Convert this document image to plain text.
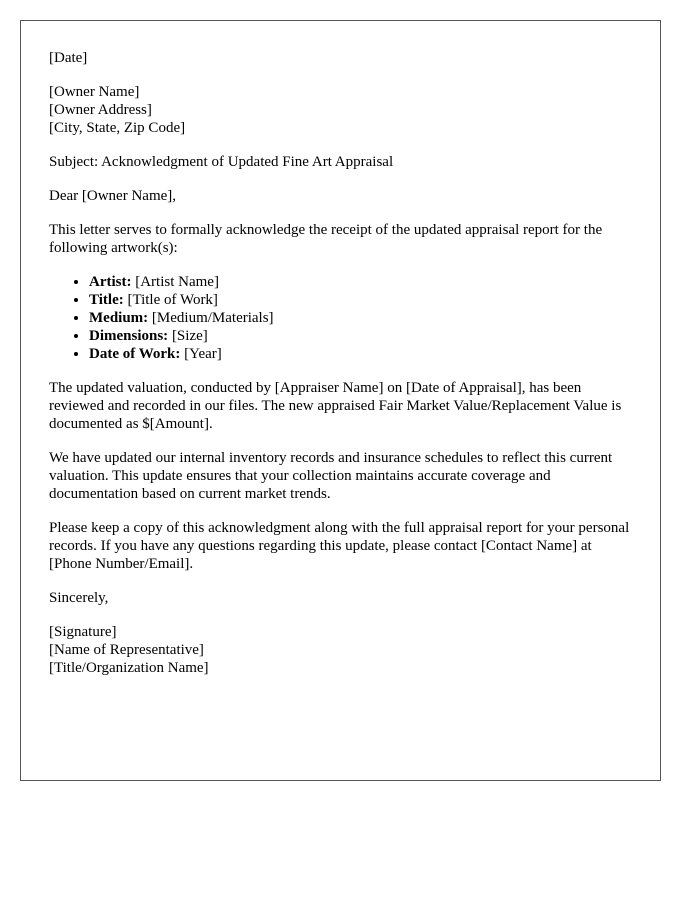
[Date]

[Owner Name]
[Owner Address]
[City, State, Zip Code]

Subject: Acknowledgment of Updated Fine Art Appraisal

Dear [Owner Name],

This letter serves to formally acknowledge the receipt of the updated appraisal report for the following artwork(s):

• Artist: [Artist Name]
• Title: [Title of Work]
• Medium: [Medium/Materials]
• Dimensions: [Size]
• Date of Work: [Year]

The updated valuation, conducted by [Appraiser Name] on [Date of Appraisal], has been reviewed and recorded in our files. The new appraised Fair Market Value/Replacement Value is documented as $[Amount].

We have updated our internal inventory records and insurance schedules to reflect this current valuation. This update ensures that your collection maintains accurate coverage and documentation based on current market trends.

Please keep a copy of this acknowledgment along with the full appraisal report for your personal records. If you have any questions regarding this update, please contact [Contact Name] at [Phone Number/Email].

Sincerely,

[Signature]
[Name of Representative]
[Title/Organization Name]
